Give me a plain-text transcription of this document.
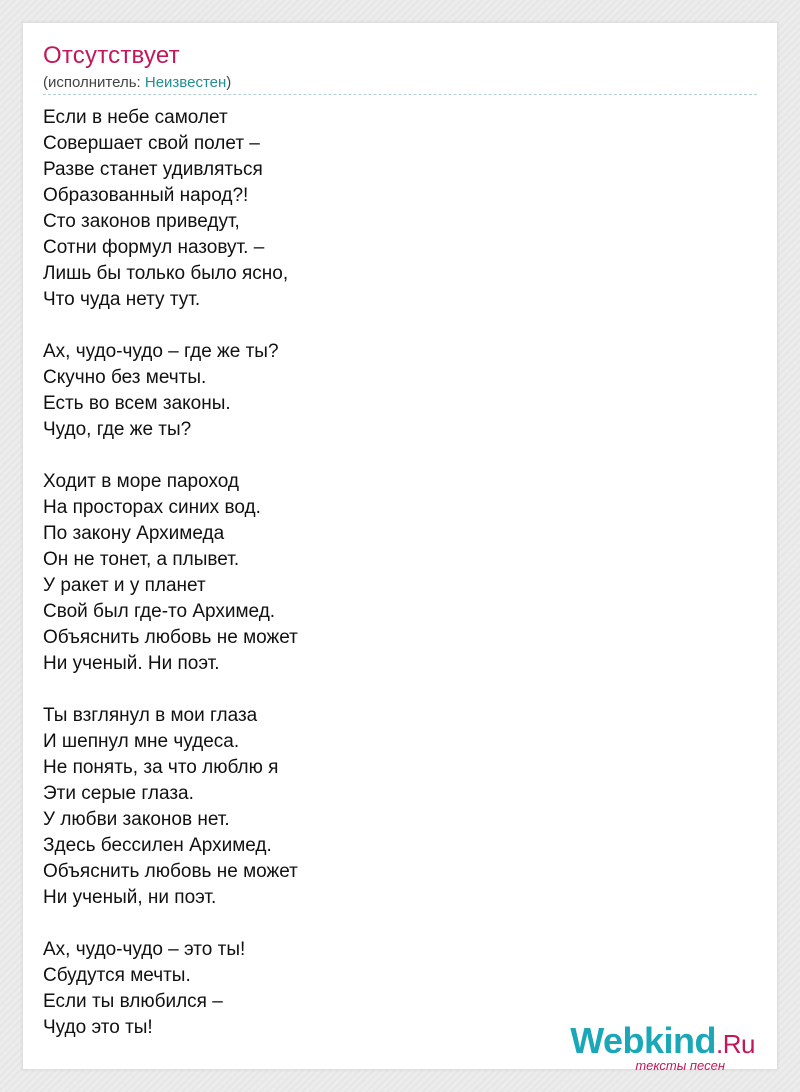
Отсутствует
(исполнитель: Неизвестен)
Если в небе самолет
Совершает свой полет –
Разве станет удивляться
Образованный народ?!
Сто законов приведут,
Сотни формул назовут. –
Лишь бы только было ясно,
Что чуда нету тут.
Ах, чудо-чудо – где же ты?
Скучно без мечты.
Есть во всем законы.
Чудо, где же ты?
Ходит в море пароход
На просторах синих вод.
По закону Архимеда
Он не тонет, а плывет.
У ракет и у планет
Свой был где-то Архимед.
Объяснить любовь не может
Ни ученый. Ни поэт.
Ты взглянул в мои глаза
И шепнул мне чудеса.
Не понять, за что люблю я
Эти серые глаза.
У любви законов нет.
Здесь бессилен Архимед.
Объяснить любовь не может
Ни ученый, ни поэт.
Ах, чудо-чудо – это ты!
Сбудутся мечты.
Если ты влюбился –
Чудо это ты!	Webkind.Ru
тексты песен
